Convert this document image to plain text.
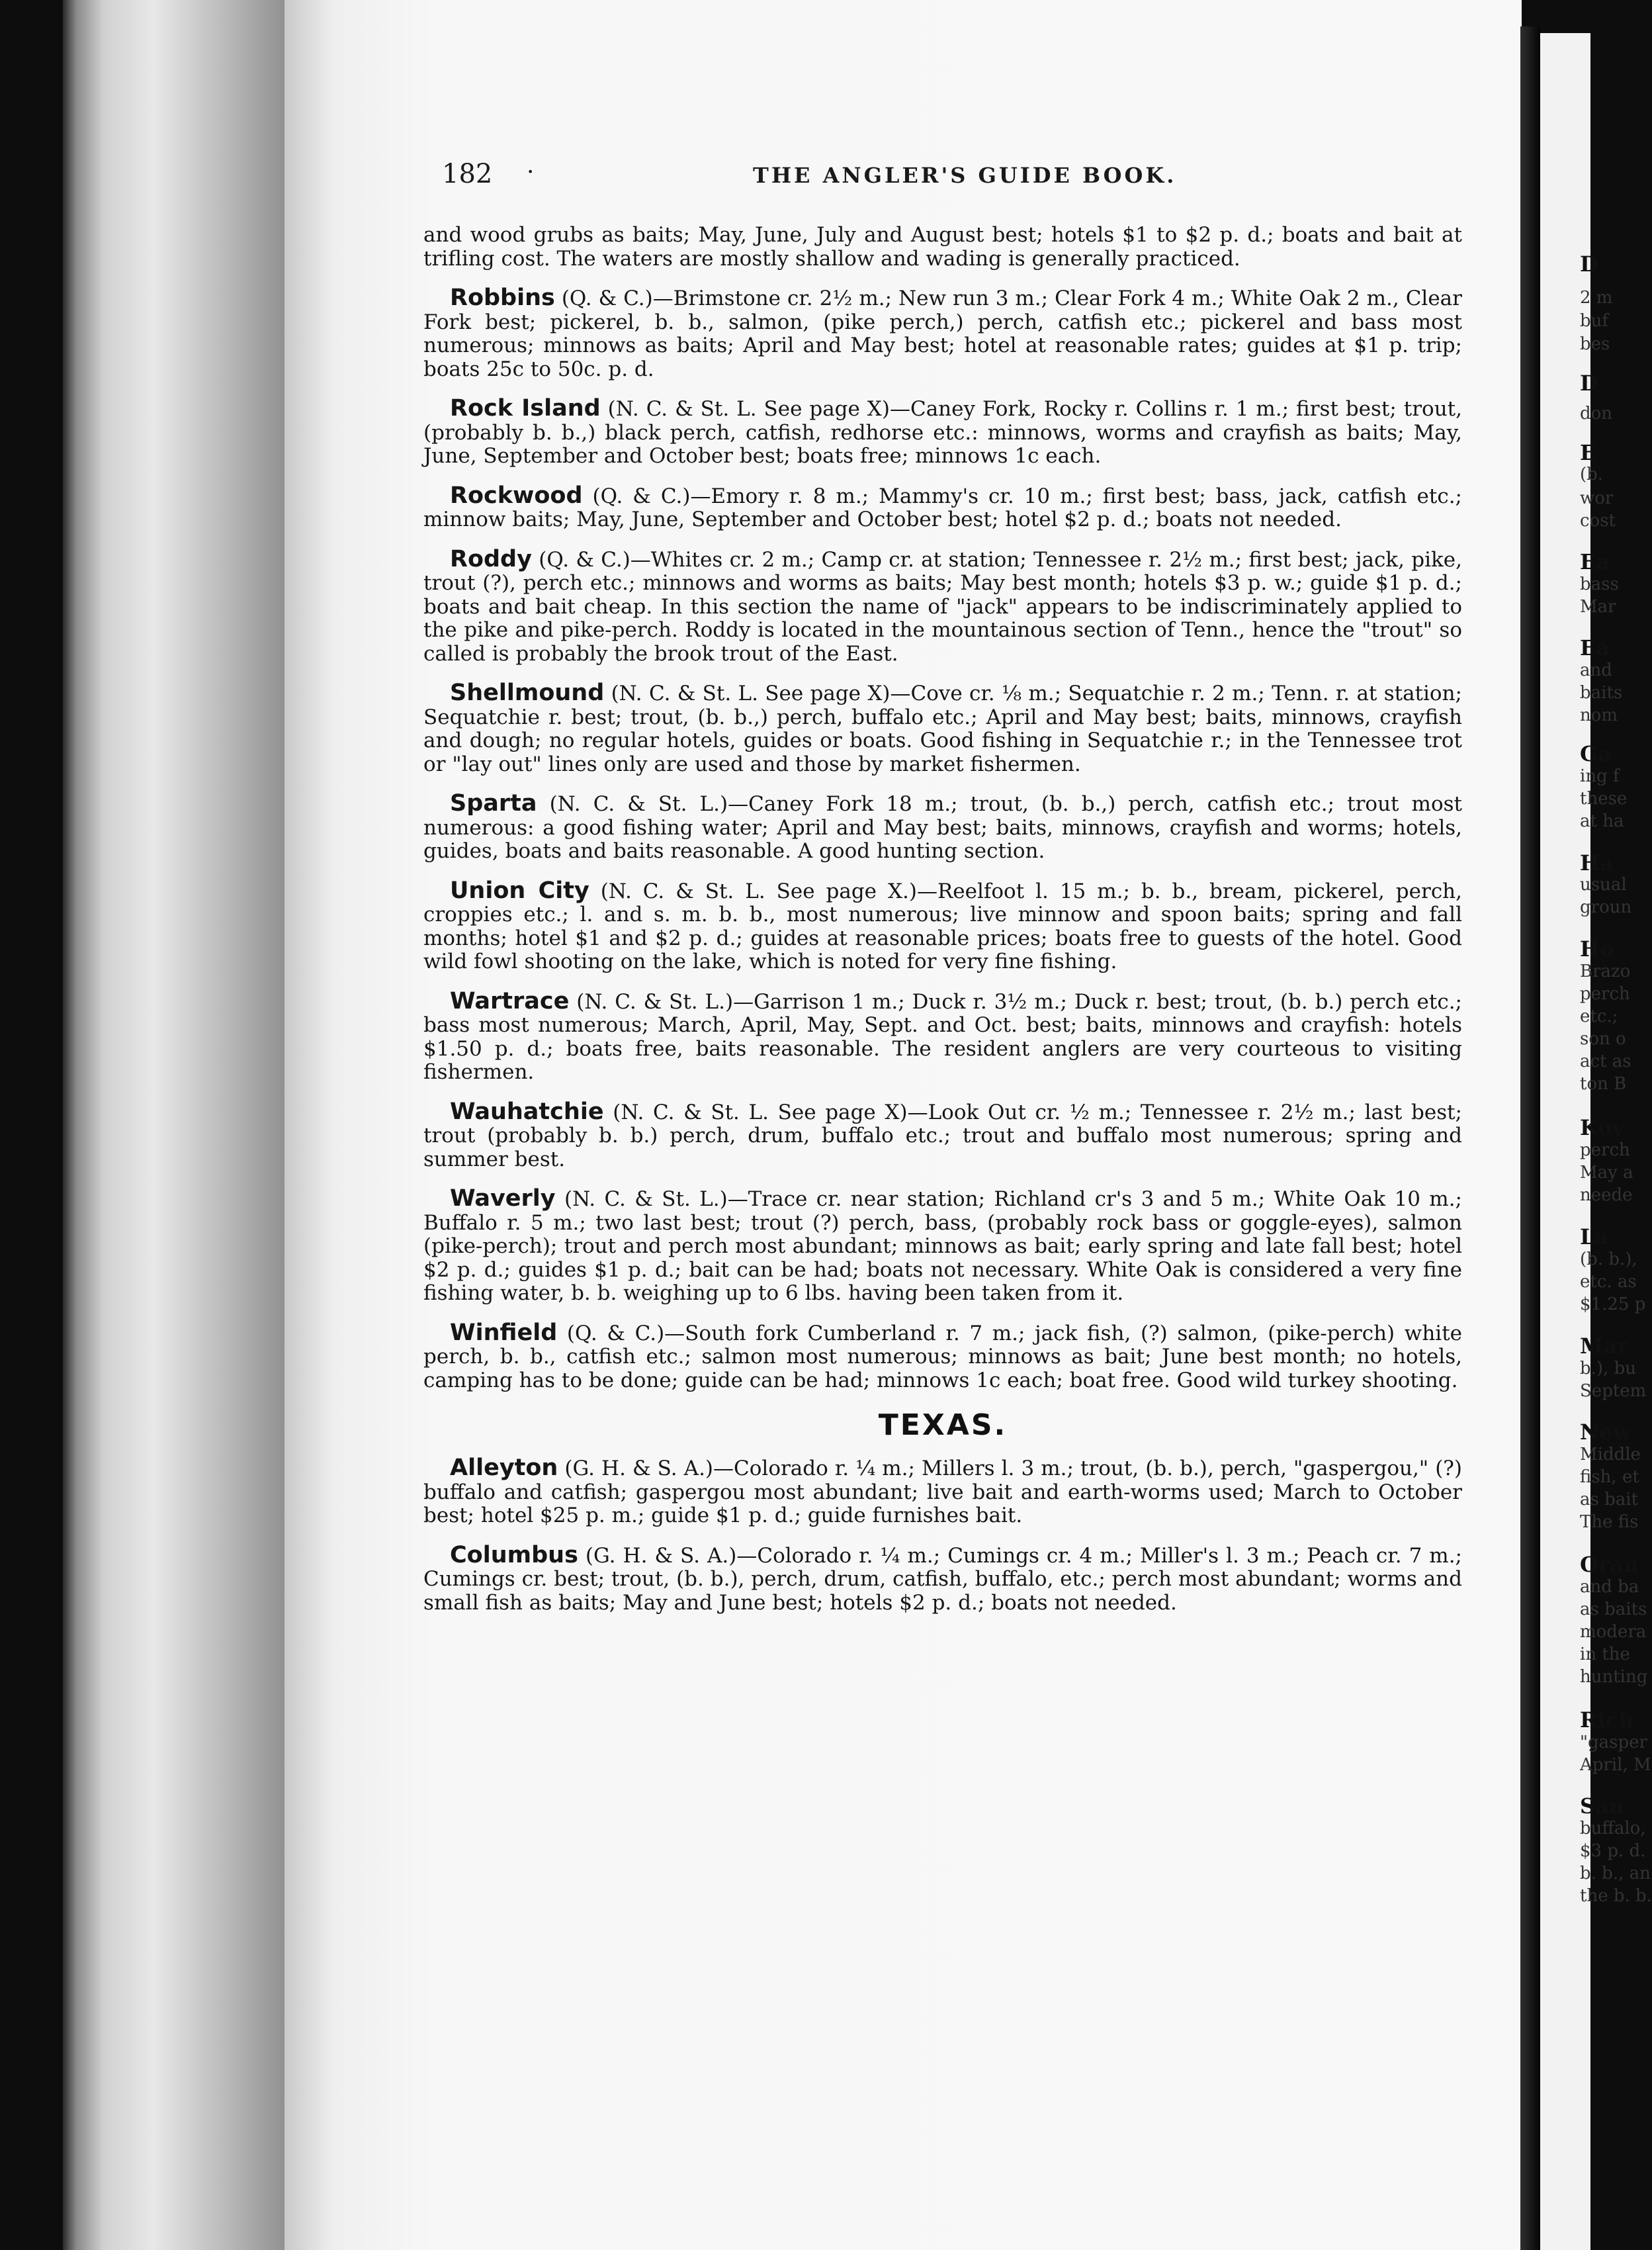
D
2 m
buf
bes
D
don
E
(b.
wor
cost
Ea
bass
Mar
Ea
and
baits
nom
Ga
ing f
these
at ha
Ha
usual
groun
Ho
Brazo
perch
etc.;
son o
act as
ton B
Kov
perch
May a
neede
La
(b. b.),
etc. as
$1.25 p
Mar
b.), bu
Septem
New
Middle
fish, et
as bait
The fis
Oran
and ba
as baits
modera
in the
hunting
Rich
"gasper
April, M
San
buffalo,
$3 p. d.
b. b., an
the b. b.
182 ·	THE ANGLER'S GUIDE BOOK.

and wood grubs as baits; May, June, July and August best; hotels $1 to $2 p. d.; boats and bait at trifling cost. The waters are mostly shallow and wading is generally practiced.

Robbins (Q. & C.)—Brimstone cr. 2½ m.; New run 3 m.; Clear Fork 4 m.; White Oak 2 m., Clear Fork best; pickerel, b. b., salmon, (pike perch,) perch, catfish etc.; pickerel and bass most numerous; minnows as baits; April and May best; hotel at reasonable rates; guides at $1 p. trip; boats 25c to 50c. p. d.

Rock Island (N. C. & St. L. See page X)—Caney Fork, Rocky r. Collins r. 1 m.; first best; trout, (probably b. b.,) black perch, catfish, redhorse etc.: minnows, worms and crayfish as baits; May, June, September and October best; boats free; minnows 1c each.

Rockwood (Q. & C.)—Emory r. 8 m.; Mammy's cr. 10 m.; first best; bass, jack, catfish etc.; minnow baits; May, June, September and October best; hotel $2 p. d.; boats not needed.

Roddy (Q. & C.)—Whites cr. 2 m.; Camp cr. at station; Tennessee r. 2½ m.; first best; jack, pike, trout (?), perch etc.; minnows and worms as baits; May best month; hotels $3 p. w.; guide $1 p. d.; boats and bait cheap. In this section the name of "jack" appears to be indiscriminately applied to the pike and pike-perch. Roddy is located in the mountainous section of Tenn., hence the "trout" so called is probably the brook trout of the East.

Shellmound (N. C. & St. L. See page X)—Cove cr. ⅛ m.; Sequatchie r. 2 m.; Tenn. r. at station; Sequatchie r. best; trout, (b. b.,) perch, buffalo etc.; April and May best; baits, minnows, crayfish and dough; no regular hotels, guides or boats. Good fishing in Sequatchie r.; in the Tennessee trot or "lay out" lines only are used and those by market fishermen.

Sparta (N. C. & St. L.)—Caney Fork 18 m.; trout, (b. b.,) perch, catfish etc.; trout most numerous: a good fishing water; April and May best; baits, minnows, crayfish and worms; hotels, guides, boats and baits reasonable. A good hunting section.

Union City (N. C. & St. L. See page X.)—Reelfoot l. 15 m.; b. b., bream, pickerel, perch, croppies etc.; l. and s. m. b. b., most numerous; live minnow and spoon baits; spring and fall months; hotel $1 and $2 p. d.; guides at reasonable prices; boats free to guests of the hotel. Good wild fowl shooting on the lake, which is noted for very fine fishing.

Wartrace (N. C. & St. L.)—Garrison 1 m.; Duck r. 3½ m.; Duck r. best; trout, (b. b.) perch etc.; bass most numerous; March, April, May, Sept. and Oct. best; baits, minnows and crayfish: hotels $1.50 p. d.; boats free, baits reasonable. The resident anglers are very courteous to visiting fishermen.

Wauhatchie (N. C. & St. L. See page X)—Look Out cr. ½ m.; Tennessee r. 2½ m.; last best; trout (probably b. b.) perch, drum, buffalo etc.; trout and buffalo most numerous; spring and summer best.

Waverly (N. C. & St. L.)—Trace cr. near station; Richland cr's 3 and 5 m.; White Oak 10 m.; Buffalo r. 5 m.; two last best; trout (?) perch, bass, (probably rock bass or goggle-eyes), salmon (pike-perch); trout and perch most abundant; minnows as bait; early spring and late fall best; hotel $2 p. d.; guides $1 p. d.; bait can be had; boats not necessary. White Oak is considered a very fine fishing water, b. b. weighing up to 6 lbs. having been taken from it.

Winfield (Q. & C.)—South fork Cumberland r. 7 m.; jack fish, (?) salmon, (pike-perch) white perch, b. b., catfish etc.; salmon most numerous; minnows as bait; June best month; no hotels, camping has to be done; guide can be had; minnows 1c each; boat free. Good wild turkey shooting.

TEXAS.

Alleyton (G. H. & S. A.)—Colorado r. ¼ m.; Millers l. 3 m.; trout, (b. b.), perch, "gaspergou," (?) buffalo and catfish; gaspergou most abundant; live bait and earth-worms used; March to October best; hotel $25 p. m.; guide $1 p. d.; guide furnishes bait.

Columbus (G. H. & S. A.)—Colorado r. ¼ m.; Cumings cr. 4 m.; Miller's l. 3 m.; Peach cr. 7 m.; Cumings cr. best; trout, (b. b.), perch, drum, catfish, buffalo, etc.; perch most abundant; worms and small fish as baits; May and June best; hotels $2 p. d.; boats not needed.
